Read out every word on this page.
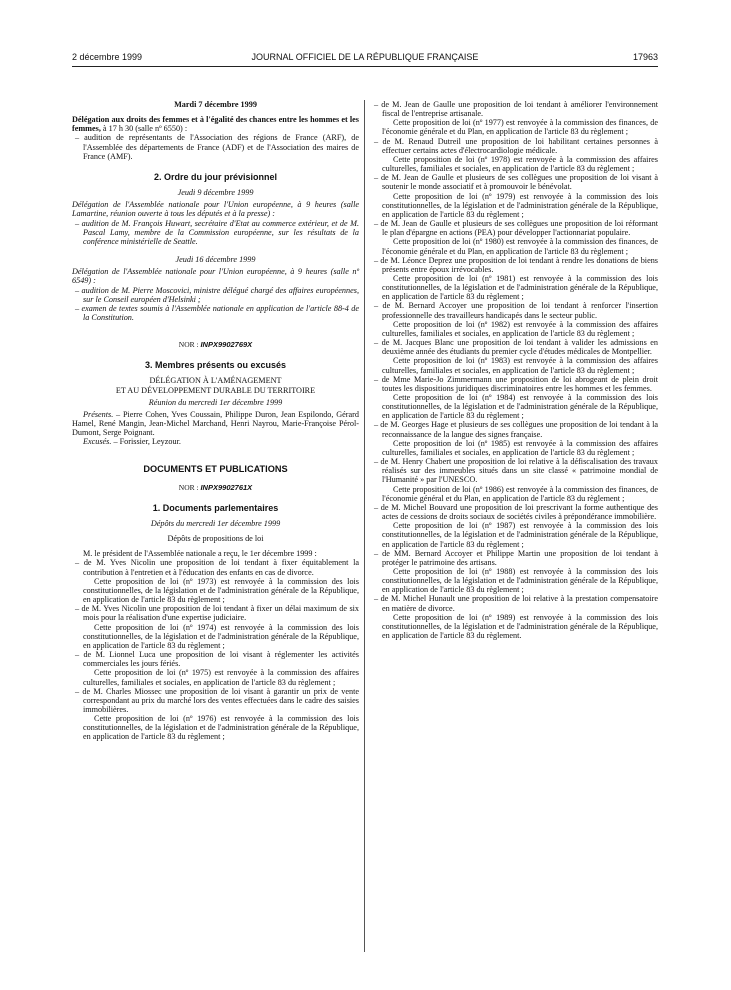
2 décembre 1999	JOURNAL OFFICIEL DE LA RÉPUBLIQUE FRANÇAISE	17963
Mardi 7 décembre 1999
Délégation aux droits des femmes et à l'égalité des chances entre les hommes et les femmes, à 17 h 30 (salle nº 6550) :
– audition de représentants de l'Association des régions de France (ARF), de l'Assemblée des départements de France (ADF) et de l'Association des maires de France (AMF).
2. Ordre du jour prévisionnel
Jeudi 9 décembre 1999
Délégation de l'Assemblée nationale pour l'Union européenne, à 9 heures (salle Lamartine, réunion ouverte à tous les députés et à la presse) :
– audition de M. François Huwart, secrétaire d'Etat au commerce extérieur, et de M. Pascal Lamy, membre de la Commission européenne, sur les résultats de la conférence ministérielle de Seattle.
Jeudi 16 décembre 1999
Délégation de l'Assemblée nationale pour l'Union européenne, à 9 heures (salle nº 6549) :
– audition de M. Pierre Moscovici, ministre délégué chargé des affaires européennes, sur le Conseil européen d'Helsinki ;
– examen de textes soumis à l'Assemblée nationale en application de l'article 88-4 de la Constitution.
NOR : INPX9902769X
3. Membres présents ou excusés
DÉLÉGATION À L'AMÉNAGEMENT
ET AU DÉVELOPPEMENT DURABLE DU TERRITOIRE
Réunion du mercredi 1er décembre 1999
Présents. – Pierre Cohen, Yves Coussain, Philippe Duron, Jean Espilondo, Gérard Hamel, René Mangin, Jean-Michel Marchand, Henri Nayrou, Marie-Françoise Pérol-Dumont, Serge Poignant.
Excusés. – Forissier, Leyzour.
DOCUMENTS ET PUBLICATIONS
NOR : INPX9902761X
1. Documents parlementaires
Dépôts du mercredi 1er décembre 1999
Dépôts de propositions de loi
M. le président de l'Assemblée nationale a reçu, le 1er décembre 1999 :
– de M. Yves Nicolin une proposition de loi tendant à fixer équitablement la contribution à l'entretien et à l'éducation des enfants en cas de divorce.
Cette proposition de loi (nº 1973) est renvoyée à la commission des lois constitutionnelles, de la législation et de l'administration générale de la République, en application de l'article 83 du règlement ;
– de M. Yves Nicolin une proposition de loi tendant à fixer un délai maximum de six mois pour la réalisation d'une expertise judiciaire.
Cette proposition de loi (nº 1974) est renvoyée à la commission des lois constitutionnelles, de la législation et de l'administration générale de la République, en application de l'article 83 du règlement ;
– de M. Lionnel Luca une proposition de loi visant à réglementer les activités commerciales les jours fériés.
Cette proposition de loi (nº 1975) est renvoyée à la commission des affaires culturelles, familiales et sociales, en application de l'article 83 du règlement ;
– de M. Charles Miossec une proposition de loi visant à garantir un prix de vente correspondant au prix du marché lors des ventes effectuées dans le cadre des saisies immobilières.
Cette proposition de loi (nº 1976) est renvoyée à la commission des lois constitutionnelles, de la législation et de l'administration générale de la République, en application de l'article 83 du règlement ;
– de M. Jean de Gaulle une proposition de loi tendant à améliorer l'environnement fiscal de l'entreprise artisanale.
Cette proposition de loi (nº 1977) est renvoyée à la commission des finances, de l'économie générale et du Plan, en application de l'article 83 du règlement ;
– de M. Renaud Dutreil une proposition de loi habilitant certaines personnes à effectuer certains actes d'électrocardiologie médicale.
Cette proposition de loi (nº 1978) est renvoyée à la commission des affaires culturelles, familiales et sociales, en application de l'article 83 du règlement ;
– de M. Jean de Gaulle et plusieurs de ses collègues une proposition de loi visant à soutenir le monde associatif et à promouvoir le bénévolat.
Cette proposition de loi (nº 1979) est renvoyée à la commission des lois constitutionnelles, de la législation et de l'administration générale de la République, en application de l'article 83 du règlement ;
– de M. Jean de Gaulle et plusieurs de ses collègues une proposition de loi réformant le plan d'épargne en actions (PEA) pour développer l'actionnariat populaire.
Cette proposition de loi (nº 1980) est renvoyée à la commission des finances, de l'économie générale et du Plan, en application de l'article 83 du règlement ;
– de M. Léonce Deprez une proposition de loi tendant à rendre les donations de biens présents entre époux irrévocables.
Cette proposition de loi (nº 1981) est renvoyée à la commission des lois constitutionnelles, de la législation et de l'administration générale de la République, en application de l'article 83 du règlement ;
– de M. Bernard Accoyer une proposition de loi tendant à renforcer l'insertion professionnelle des travailleurs handicapés dans le secteur public.
Cette proposition de loi (nº 1982) est renvoyée à la commission des affaires culturelles, familiales et sociales, en application de l'article 83 du règlement ;
– de M. Jacques Blanc une proposition de loi tendant à valider les admissions en deuxième année des étudiants du premier cycle d'études médicales de Montpellier.
Cette proposition de loi (nº 1983) est renvoyée à la commission des affaires culturelles, familiales et sociales, en application de l'article 83 du règlement ;
– de Mme Marie-Jo Zimmermann une proposition de loi abrogeant de plein droit toutes les dispositions juridiques discriminatoires entre les hommes et les femmes.
Cette proposition de loi (nº 1984) est renvoyée à la commission des lois constitutionnelles, de la législation et de l'administration générale de la République, en application de l'article 83 du règlement ;
– de M. Georges Hage et plusieurs de ses collègues une proposition de loi tendant à la reconnaissance de la langue des signes française.
Cette proposition de loi (nº 1985) est renvoyée à la commission des affaires culturelles, familiales et sociales, en application de l'article 83 du règlement ;
– de M. Henry Chabert une proposition de loi relative à la défiscalisation des travaux réalisés sur des immeubles situés dans un site classé « patrimoine mondial de l'Humanité » par l'UNESCO.
Cette proposition de loi (nº 1986) est renvoyée à la commission des finances, de l'économie général et du Plan, en application de l'article 83 du règlement ;
– de M. Michel Bouvard une proposition de loi prescrivant la forme authentique des actes de cessions de droits sociaux de sociétés civiles à prépondérance immobilière.
Cette proposition de loi (nº 1987) est renvoyée à la commission des lois constitutionnelles, de la législation et de l'administration générale de la République, en application de l'article 83 du règlement ;
– de MM. Bernard Accoyer et Philippe Martin une proposition de loi tendant à protéger le patrimoine des artisans.
Cette proposition de loi (nº 1988) est renvoyée à la commission des lois constitutionnelles, de la législation et de l'administration générale de la République, en application de l'article 83 du règlement ;
– de M. Michel Hunault une proposition de loi relative à la prestation compensatoire en matière de divorce.
Cette proposition de loi (nº 1989) est renvoyée à la commission des lois constitutionnelles, de la législation et de l'administration générale de la République, en application de l'article 83 du règlement.
